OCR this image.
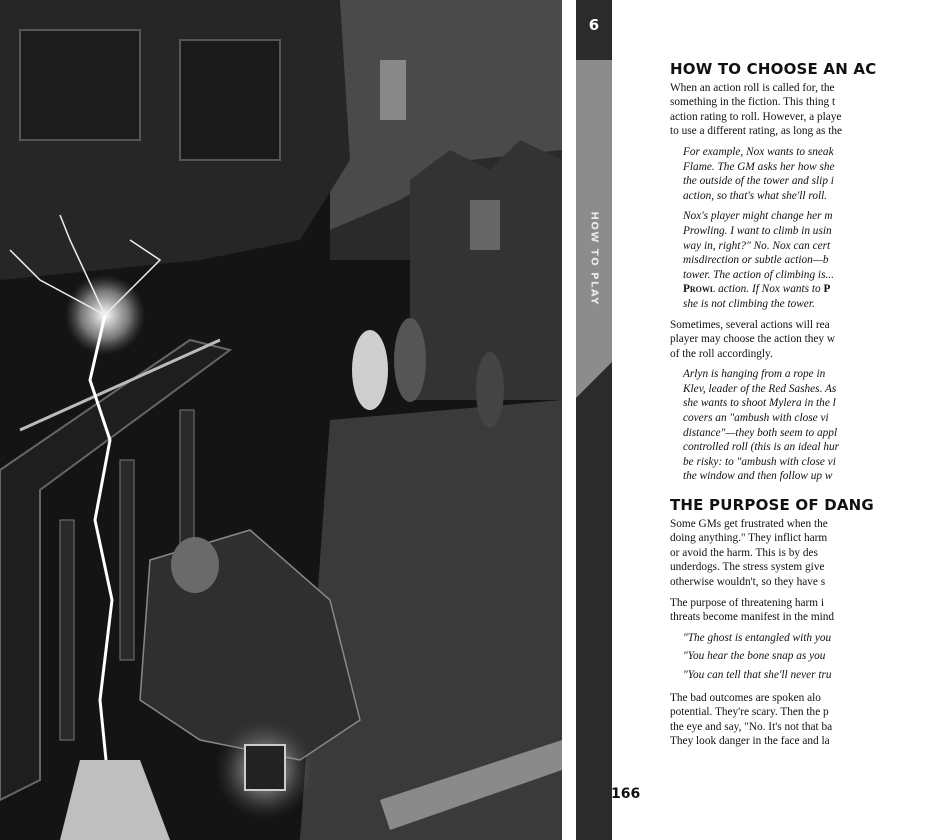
6
HOW TO PLAY
HOW TO CHOOSE AN AC

When an action roll is called for, the
something in the fiction. This thing t
action rating to roll. However, a playe
to use a different rating, as long as the

For example, Nox wants to sneak
Flame. The GM asks her how she
the outside of the tower and slip i
action, so that's what she'll roll.
Nox's player might change her m
Prowling. I want to climb in usin
way in, right?" No. Nox can cert
misdirection or subtle action—b
tower. The action of climbing is...
Prowl action. If Nox wants to P
she is not climbing the tower.

Sometimes, several actions will rea
player may choose the action they w
of the roll accordingly.

Arlyn is hanging from a rope in
Klev, leader of the Red Sashes. As
she wants to shoot Mylera in the l
covers an "ambush with close vi
distance"—they both seem to appl
controlled roll (this is an ideal hur
be risky: to "ambush with close vi
the window and then follow up w
THE PURPOSE OF DANG

Some GMs get frustrated when the
doing anything." They inflict harm
or avoid the harm. This is by des
underdogs. The stress system give
otherwise wouldn't, so they have s

The purpose of threatening harm i
threats become manifest in the mind

"The ghost is entangled with you
"You hear the bone snap as you
"You can tell that she'll never tru

The bad outcomes are spoken alo
potential. They're scary. Then the p
the eye and say, "No. It's not that ba
They look danger in the face and la

166
